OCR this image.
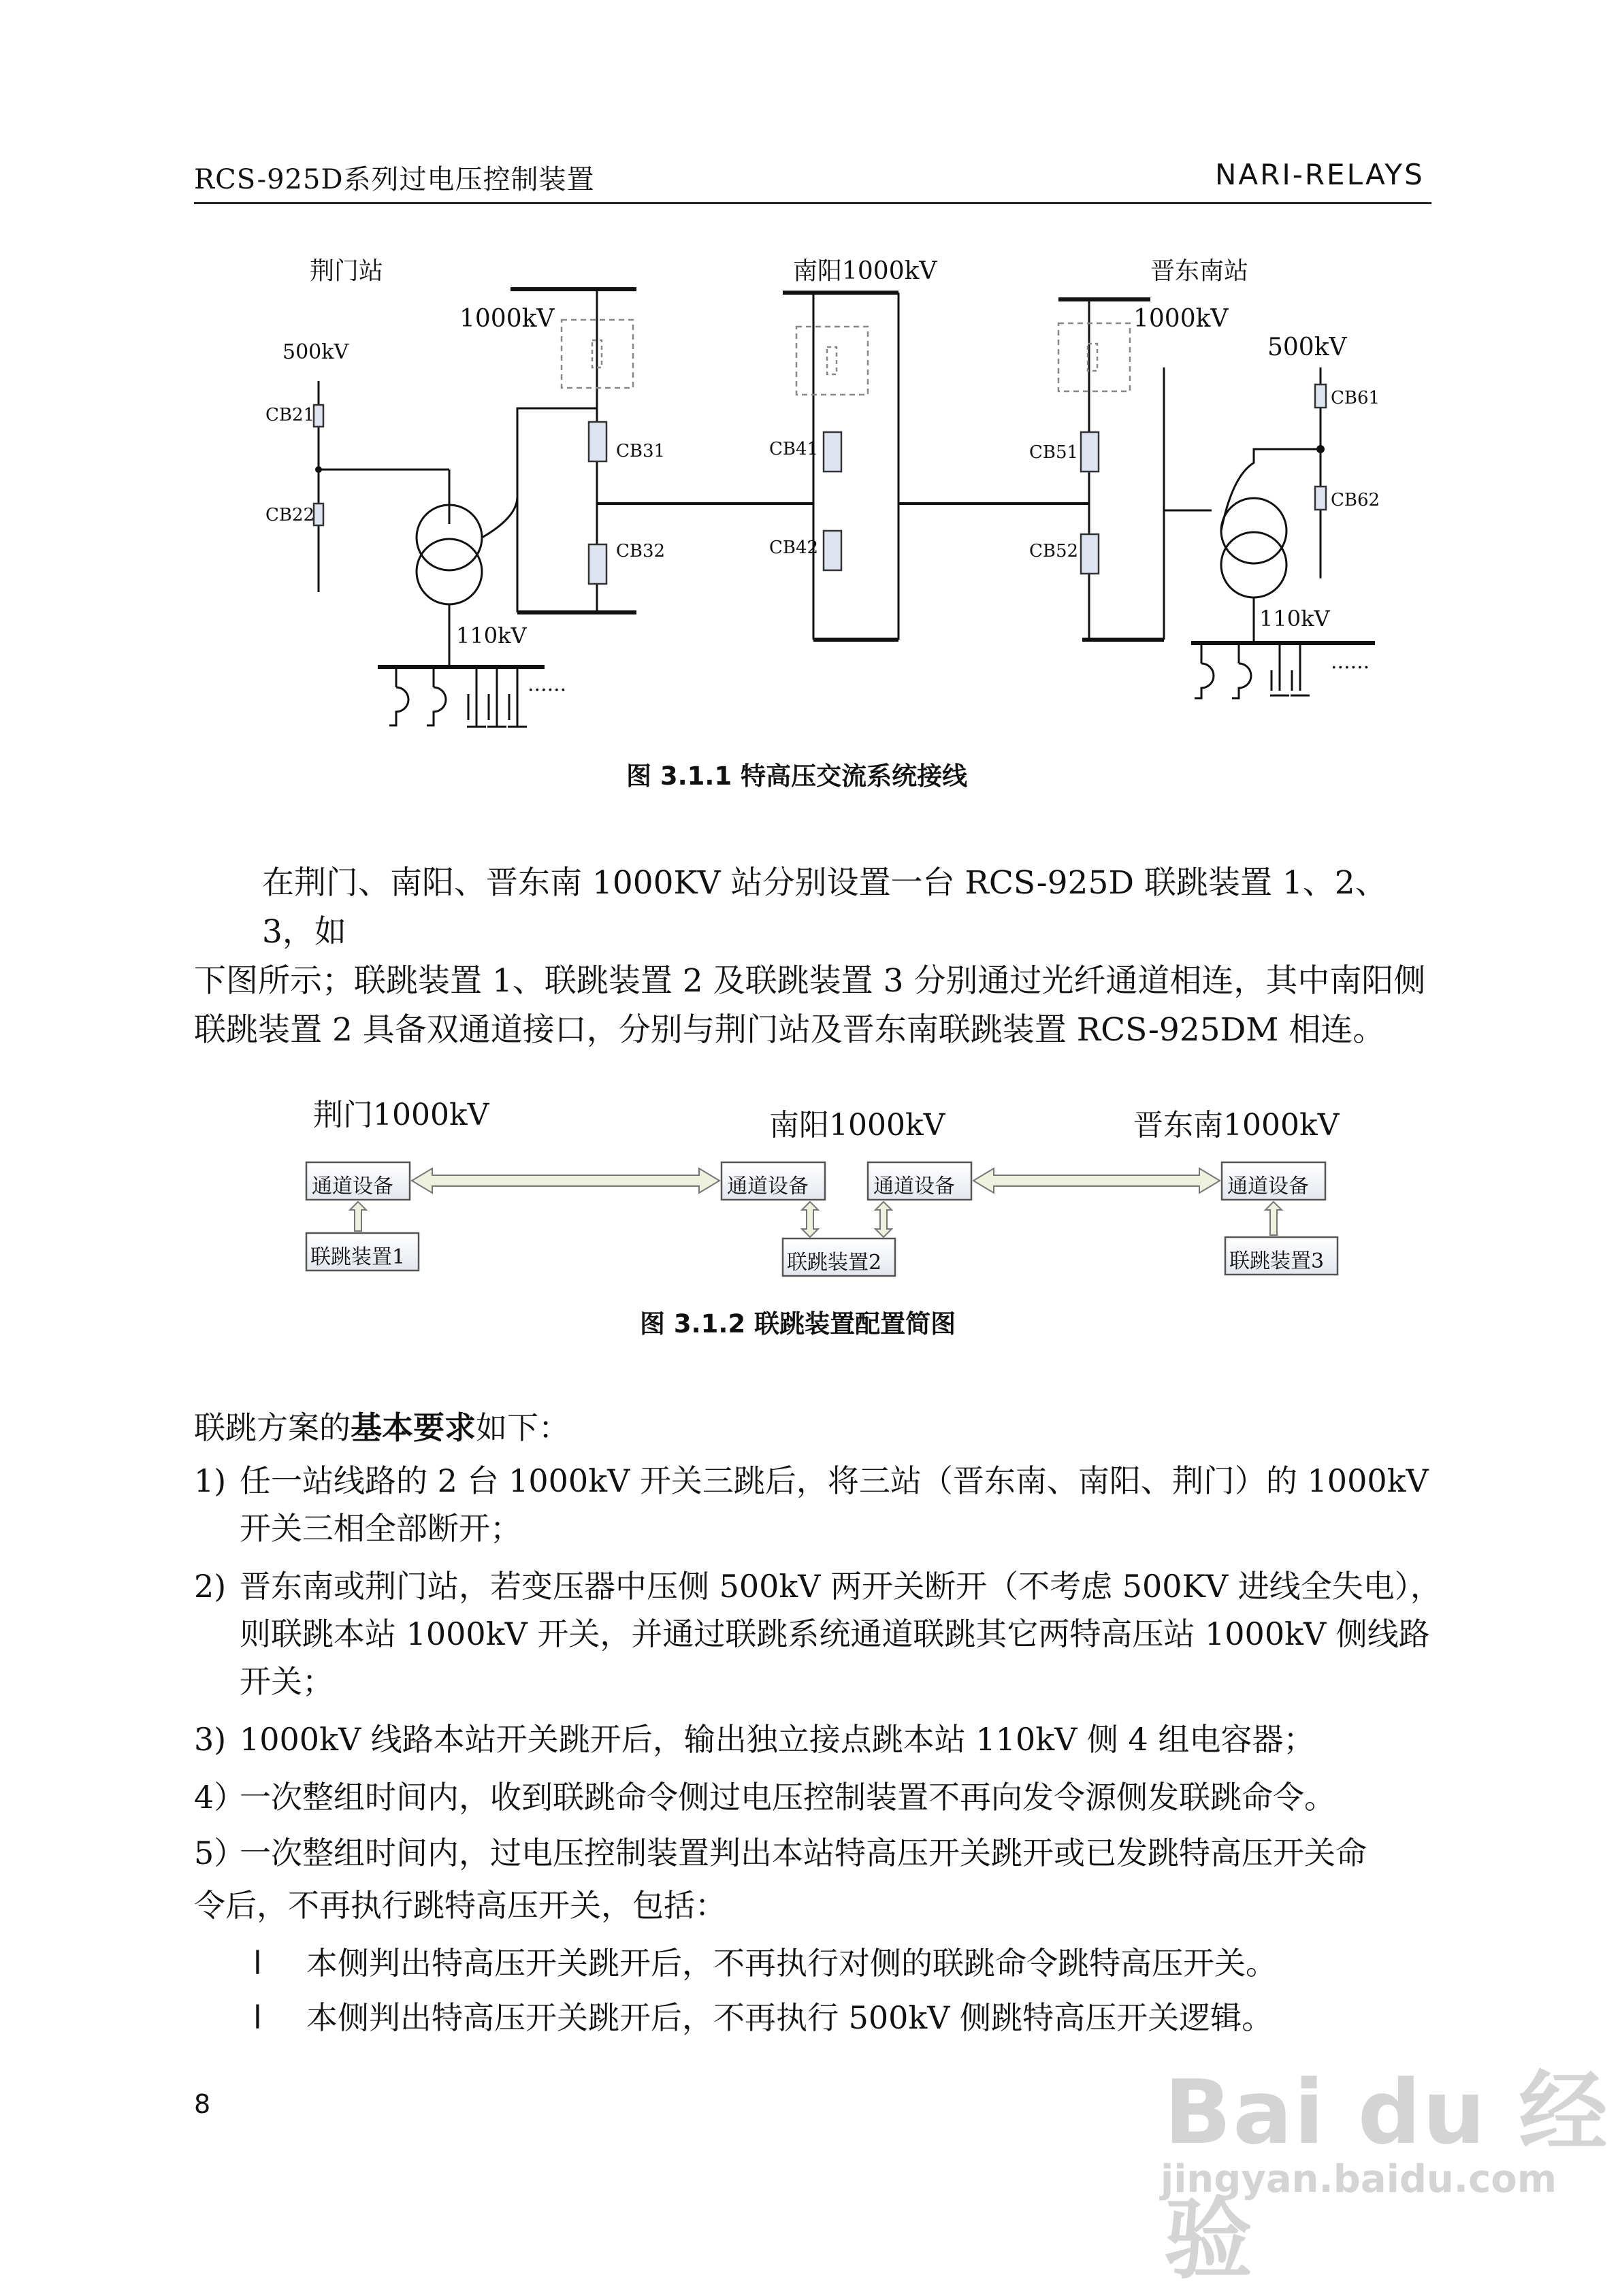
RCS-925D系列过电压控制装置	NARI-RELAYS
荆门站	南阳1000kV	晋东南站
1000kV
500kV
110kV
1000kV
500kV
110kV
CB21
CB22
CB31
CB32
CB41
CB42
CB51
CB52
CB61
CB62
......
......
图 3.1.1 特高压交流系统接线
在荆门、南阳、晋东南 1000KV 站分别设置一台 RCS-925D 联跳装置 1、2、3，如
下图所示；联跳装置 1、联跳装置 2 及联跳装置 3 分别通过光纤通道相连，其中南阳侧
联跳装置 2 具备双通道接口，分别与荆门站及晋东南联跳装置 RCS-925DM 相连。
荆门1000kV	南阳1000kV	晋东南1000kV
通道设备	通道设备	通道设备	通道设备
联跳装置1	联跳装置2	联跳装置3
图 3.1.2 联跳装置配置简图
联跳方案的基本要求如下：
1) 任一站线路的 2 台 1000kV 开关三跳后，将三站（晋东南、南阳、荆门）的 1000kV
开关三相全部断开；
2) 晋东南或荆门站，若变压器中压侧 500kV 两开关断开（不考虑 500KV 进线全失电），
则联跳本站 1000kV 开关，并通过联跳系统通道联跳其它两特高压站 1000kV 侧线路
开关；
3) 1000kV 线路本站开关跳开后，输出独立接点跳本站 110kV 侧 4 组电容器；
4）
一次整组时间内，收到联跳命令侧过电压控制装置不再向发令源侧发联跳命令。
5）
一次整组时间内，过电压控制装置判出本站特高压开关跳开或已发跳特高压开关命
令后，不再执行跳特高压开关，包括：
l 本侧判出特高压开关跳开后，不再执行对侧的联跳命令跳特高压开关。
l 本侧判出特高压开关跳开后，不再执行 500kV 侧跳特高压开关逻辑。
8	Bai du 经验
jingyan.baidu.com
